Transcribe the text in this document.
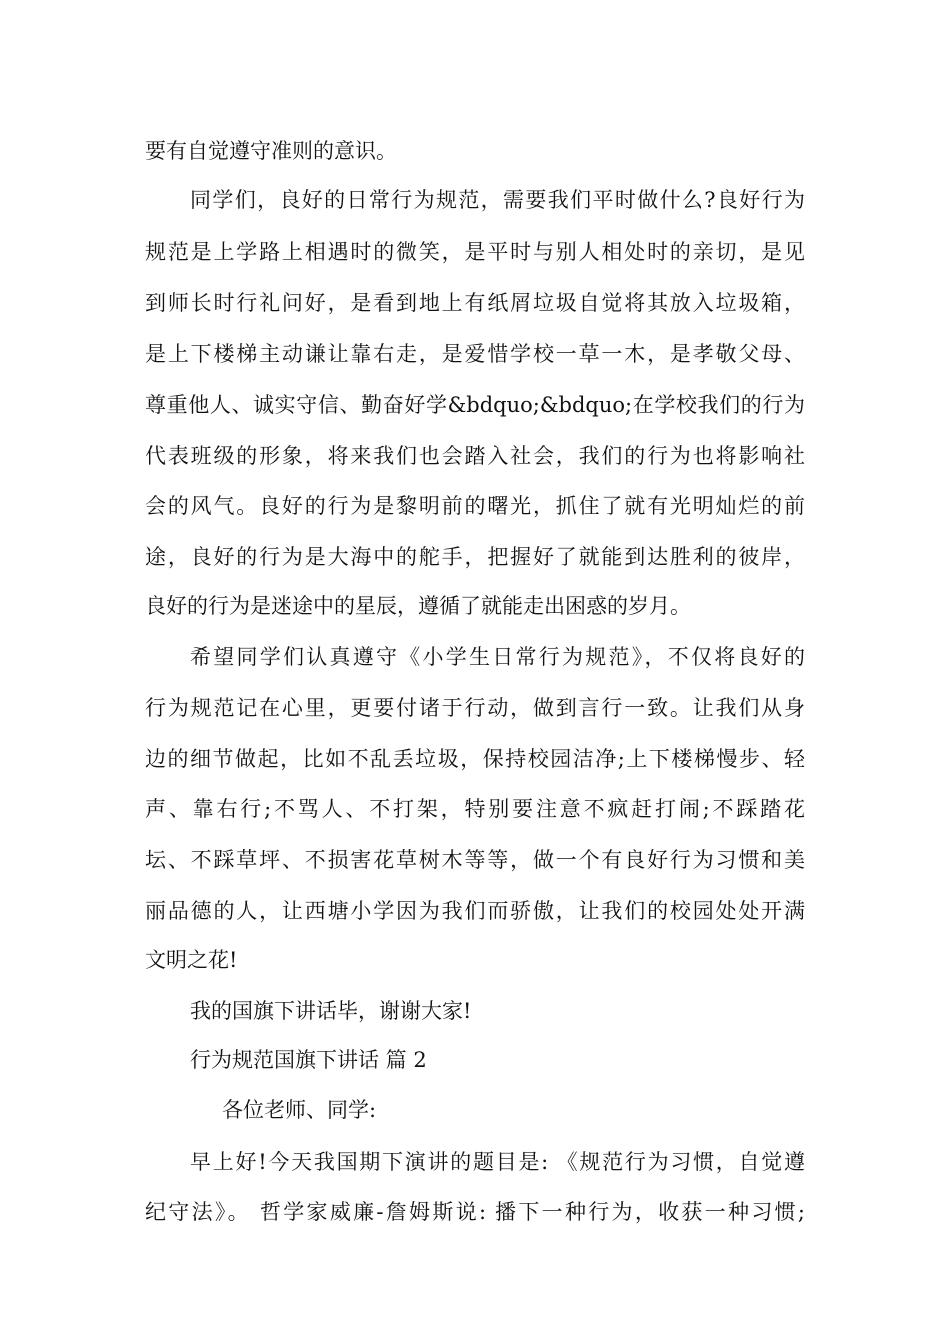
要有自觉遵守准则的意识。
同学们，良好的日常行为规范，需要我们平时做什么?良好行为
规范是上学路上相遇时的微笑，是平时与别人相处时的亲切，是见
到师长时行礼问好，是看到地上有纸屑垃圾自觉将其放入垃圾箱，
是上下楼梯主动谦让靠右走，是爱惜学校一草一木，是孝敬父母、
尊重他人、诚实守信、勤奋好学&bdquo;&bdquo;在学校我们的行为
代表班级的形象，将来我们也会踏入社会，我们的行为也将影响社
会的风气。良好的行为是黎明前的曙光，抓住了就有光明灿烂的前
途，良好的行为是大海中的舵手，把握好了就能到达胜利的彼岸，
良好的行为是迷途中的星辰，遵循了就能走出困惑的岁月。
希望同学们认真遵守《小学生日常行为规范》，不仅将良好的
行为规范记在心里，更要付诸于行动，做到言行一致。让我们从身
边的细节做起，比如不乱丢垃圾，保持校园洁净;上下楼梯慢步、轻
声、靠右行;不骂人、不打架，特别要注意不疯赶打闹;不踩踏花
坛、不踩草坪、不损害花草树木等等，做一个有良好行为习惯和美
丽品德的人，让西塘小学因为我们而骄傲，让我们的校园处处开满
文明之花!
我的国旗下讲话毕，谢谢大家!
行为规范国旗下讲话 篇 2
各位老师、同学:
早上好!今天我国期下演讲的题目是: 《规范行为习惯，自觉遵
纪守法》。 哲学家威廉-詹姆斯说: 播下一种行为，收获一种习惯;
